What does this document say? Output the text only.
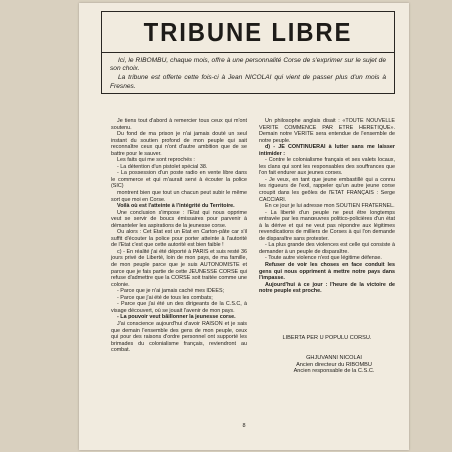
TRIBUNE LIBRE

Ici, le RIBOMBU, chaque mois, offre à une personnalité Corse de s'exprimer sur le sujet de son choix.

La tribune est offerte cette fois-ci à Jean NICOLAI qui vient de passer plus d'un mois à Fresnes.

Je tiens tout d'abord à remercier tous ceux qui m'ont soutenu.

Du fond de ma prison je n'ai jamais douté un seul instant du soutien profond de mon peuple qui sait reconnaître ceux qui n'ont d'autre ambition que de se battre pour le sauver.

Les faits qui me sont reprochés :

- La détention d'un pistolet spécial 38.

- La possession d'un poste radio en vente libre dans le commerce et qui m'aurait servi à écouter la police (SIC)

montrent bien que tout un chacun peut subir le même sort que moi en Corse.

Voilà où est l'atteinte à l'intégrité du Territoire.

Une conclusion s'impose : l'Etat qui nous opprime veut se servir de boucs émissaires pour parvenir à démanteler les aspirations de la jeunesse corse.

Ou alors : Cet Etat est un Etat en Carton-pâte car s'il suffit d'écouter la police pour porter atteinte à l'autorité de l'Etat c'est que cette autorité est bien faible !

c) - En réalité j'ai été déporté à PARIS et suis resté 36 jours privé de Liberté, loin de mon pays, de ma famille, de mon peuple parce que je suis AUTONOMISTE et parce que je fais partie de cette JEUNESSE CORSE qui refuse d'admettre que la CORSE soit traitée comme une colonie.

- Parce que je n'ai jamais caché mes IDEES;

- Parce que j'ai été de tous les combats;

- Parce que j'ai été un des dirigeants de la C.S.C, à visage découvert, où se jouait l'avenir de mon pays.

- La pouvoir veut bâillonner la jeunesse corse.

J'ai conscience aujourd'hui d'avoir RAISON et je sais que demain l'ensemble des gens de mon peuple, ceux qui pour des raisons d'ordre personnel ont supporté les brimades du colonialisme français, reviendront au combat.

Un philosophe anglais disait : «TOUTE NOUVELLE VERITE COMMENCE PAR ETRE HERETIQUE». Demain notre VERITE sera entendue de l'ensemble de notre peuple.

d) - JE CONTINUERAI à lutter sans me laisser intimider :

- Contre le colonialisme français et ses valets locaux, les clans qui sont les responsables des souffrances que l'on fait endurer aux jeunes corses.

- Je veux, en tant que jeune embastillé qui a connu les rigueurs de l'exil, rappeler qu'un autre jeune corse croupit dans les geôles de l'ETAT FRANÇAIS : Serge CACCIARI.

En ce jour je lui adresse mon SOUTIEN FRATERNEL.

- La liberté d'un peuple ne peut être longtemps entravée par les manœuvres politico-policières d'un état à la dérive et qui ne veut pas répondre aux légitimes revendications de milliers de Corses à qui l'on demande de disparaître sans protester.

- La plus grande des violences est celle qui consiste à demander à un peuple de disparaître.

- Toute autre violence n'est que légitime défense.

Refuser de voir les choses en face conduit les gens qui nous oppriment à mettre notre pays dans l'impasse.

Aujourd'hui à ce jour : l'heure de la victoire de notre peuple est proche.

LIBERTA PER U POPULU CORSU.
GHJUVANNI NICOLAI
Ancien directeur du RIBOMBU
Ancien responsable de la C.S.C.
8
